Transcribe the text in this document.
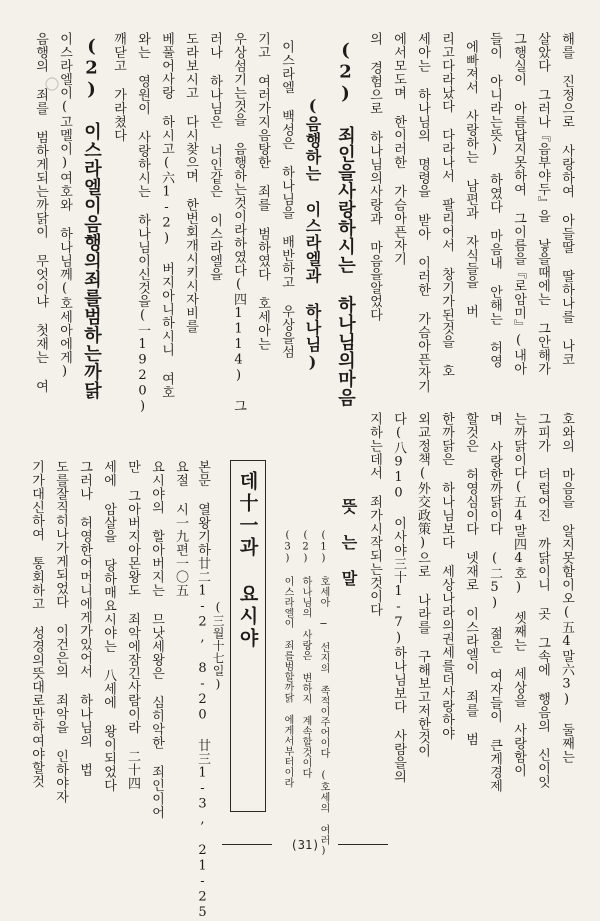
해를 진정으로 사랑하여 아들딸 딸하나를 나코
살았다 그러나『음부야두』을 낳을때에는 그안해가
그행실이 아름답지못하여 그이름을『로암미』(내아
들이 아니라는뜻) 하였다 마음내 안해는 허영
에빠져서 사랑하는 남편과 자식들을 버
리고다라났다 다라나서 팔리어서 창기가된것을 호
세아는 하나님의 명령을 받아 이러한 가슴아픈자기
에서모도며 한이러한 가슴아픈자기
의 경험으로 하나님의사랑과 마음을알었다
(2) 죄인을사랑하시는 하나님의마음
(음행하는 이스라엘과 하나님)
이스라엘 백성은 하나님을 배반하고 우상을섬
기고 여러가지음탕한 죄를 범하였다 호세아는
우상섬기는것을 음행하는것이라하였다(四1114) 그
러나 하나님은 너인같은 이스라엘을
도라보시고 다시찾으며 한번회개시키시자비를
베풀어사랑 하시고(六1-2) 버지아니하시니 여호
와는 영원이 사랑하시는 하나님이신것을(一1920)
깨닫고 가라쳤다
(2) 이스라엘이음행의죄를범하는까닭
이스라엘이(고멜이)여호와 하나님께(호세아에게)
음행의 죄를 범하게되는까닭이 무엇이냐 첫재는 여
호와의 마음을 알지못함이오(五4말六3) 둘째는
그피가 더럽어진 까닭이니 곳 그속에 행음의 신이잇
는까닭이다(五4말四4호) 셋째는 세상을 사랑함이
며 사랑한까닭이다 (二5) 젊은 여자들이 큰게경제
할것은 허영심이다 넷재로 이스라엘이 죄를 범
한까닭은 하나님보다 세상나라의권세를더사랑하야
외교정책(外交政策)으로 나라를 구해보고저한것이
다(八910 이사야三十1-7)하나님보다 사람을의
지하는데서 죄가시작되는것이다
뜻 는 말
(1) 호세아 ─ 선지의 족적이주어이다 (호세의 여러)
(2) 하나님의 사랑은 변하지 계속할것이다
(3) 이스라엘이 죄를범할까닭 에게서부터이라
데十一과 요시야
(三월十七일)
본문 열왕기하廿二1-2, 8-20 廿三1-3, 21-25
요절 시一九편一〇五
요시야의 할아버지는 므낫세왕은 심히악한 죄인이어
만 그아버지아몬왕도 죄악에잠긴사람이라 二十四
세에 암살을 당하매요시야는 八세에 왕이되었다
그러나 허영한어머니에게가있어서 하나님의 법
도를잘직히나가게되었다 이건은의 죄악을 인하야자
기가대신하여 통회하고 성경의뜻대로만하여야할것
(31)
